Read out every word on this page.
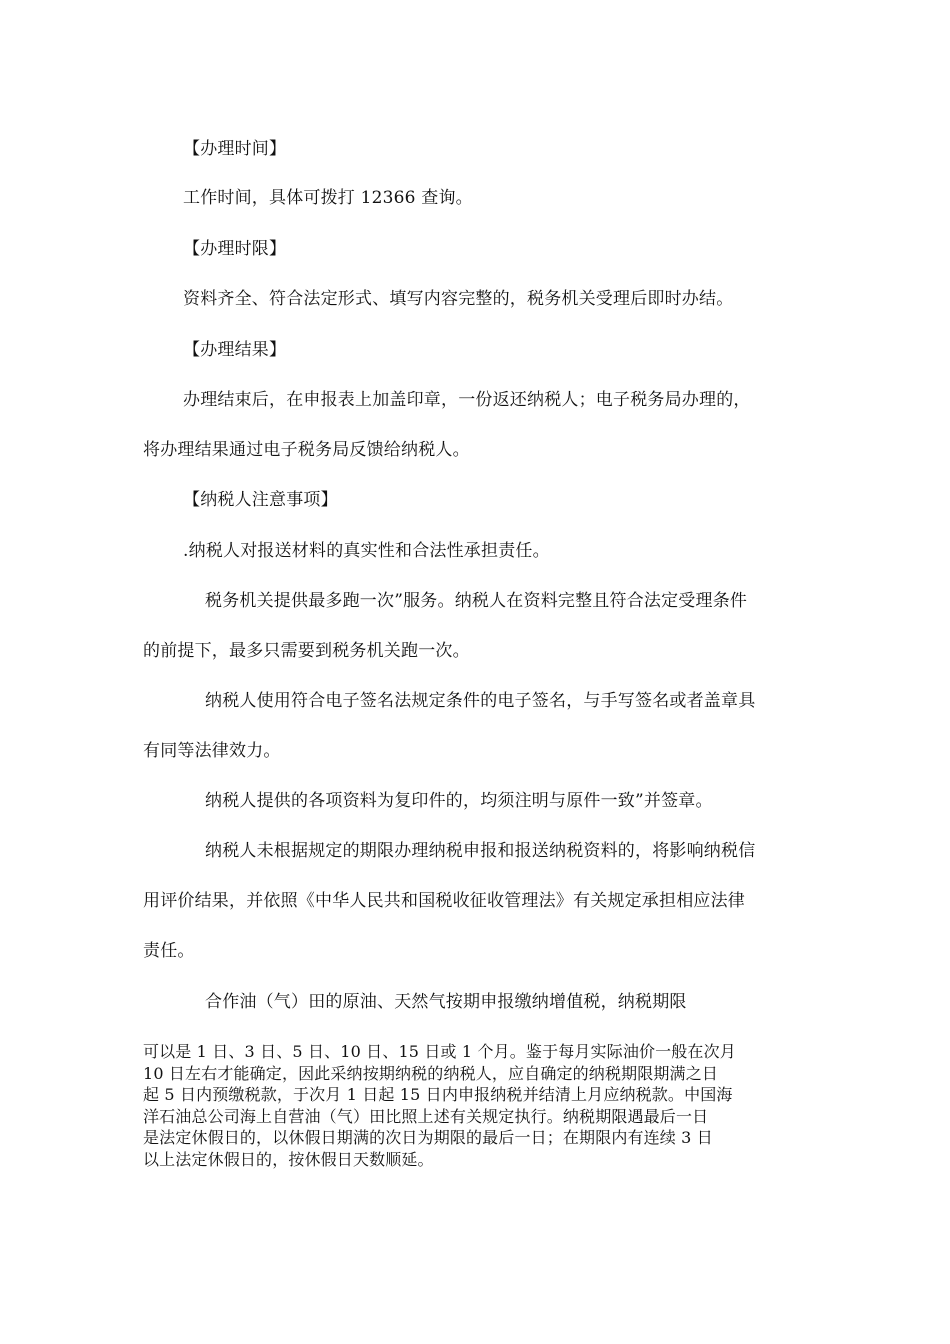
【办理时间】
工作时间，具体可拨打 12366 查询。
【办理时限】
资料齐全、符合法定形式、填写内容完整的，税务机关受理后即时办结。
【办理结果】
办理结束后，在申报表上加盖印章，一份返还纳税人；电子税务局办理的，
将办理结果通过电子税务局反馈给纳税人。
【纳税人注意事项】
.纳税人对报送材料的真实性和合法性承担责任。
税务机关提供最多跑一次”服务。纳税人在资料完整且符合法定受理条件
的前提下，最多只需要到税务机关跑一次。
纳税人使用符合电子签名法规定条件的电子签名，与手写签名或者盖章具
有同等法律效力。
纳税人提供的各项资料为复印件的，均须注明与原件一致”并签章。
纳税人未根据规定的期限办理纳税申报和报送纳税资料的，将影响纳税信
用评价结果，并依照《中华人民共和国税收征收管理法》有关规定承担相应法律
责任。
合作油（气）田的原油、天然气按期申报缴纳增值税，纳税期限
可以是 1 日、3 日、5 日、10 日、15 日或 1 个月。鉴于每月实际油价一般在次月
10 日左右才能确定，因此采纳按期纳税的纳税人，应自确定的纳税期限期满之日
起 5 日内预缴税款，于次月 1 日起 15 日内申报纳税并结清上月应纳税款。中国海
洋石油总公司海上自营油（气）田比照上述有关规定执行。纳税期限遇最后一日
是法定休假日的，以休假日期满的次日为期限的最后一日；在期限内有连续 3 日
以上法定休假日的，按休假日天数顺延。
